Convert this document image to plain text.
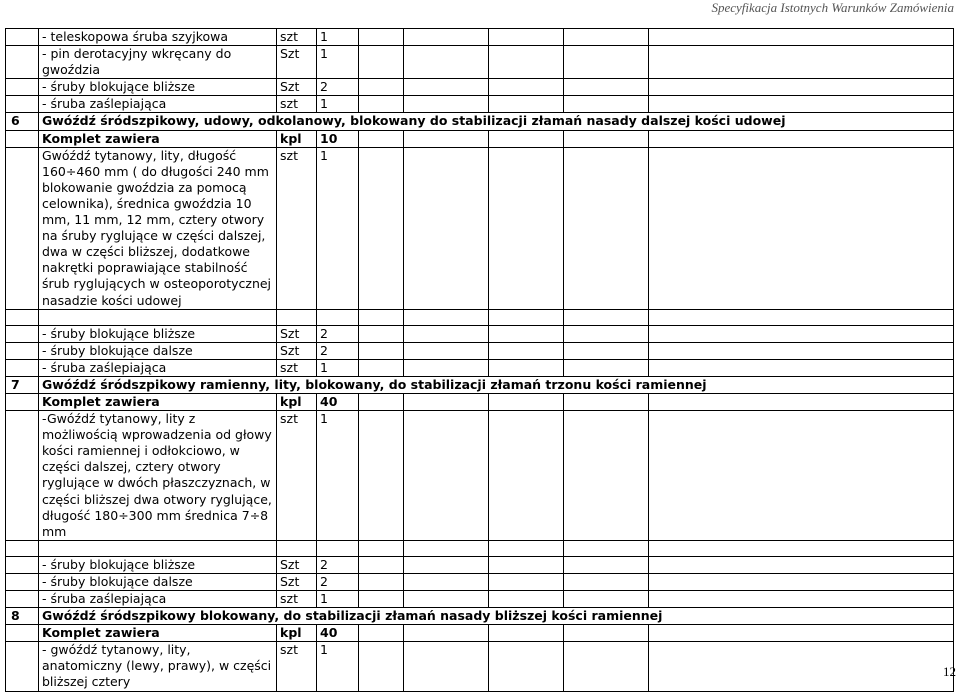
Specyfikacja Istotnych Warunków Zamówienia
	- teleskopowa śruba szyjkowa	szt	1					
	- pin derotacyjny wkręcany do gwoździa	Szt	1					
	- śruby blokujące bliższe	Szt	2					
	- śruba zaślepiająca	szt	1					
6	Gwóźdź śródszpikowy, udowy, odkolanowy, blokowany do stabilizacji złamań nasady dalszej kości udowej							
	Komplet zawiera	kpl	10					
	Gwóźdź tytanowy, lity, długość 160÷460 mm ( do długości 240 mm blokowanie gwoździa za pomocą celownika), średnica gwoździa 10 mm, 11 mm, 12 mm, cztery otwory na śruby ryglujące w części dalszej, dwa w części bliższej, dodatkowe nakrętki poprawiające stabilność śrub ryglujących w osteoporotycznej nasadzie kości udowej	szt	1					

	- śruby blokujące bliższe	Szt	2					
	- śruby blokujące dalsze	Szt	2					
	- śruba zaślepiająca	szt	1					
7	Gwóźdź śródszpikowy ramienny, lity, blokowany, do stabilizacji złamań trzonu kości ramiennej							
	Komplet zawiera	kpl	40					
	-Gwóźdź tytanowy, lity z możliwością wprowadzenia od głowy kości ramiennej i odłokciowo, w części dalszej, cztery otwory ryglujące w dwóch płaszczyznach, w części bliższej dwa otwory ryglujące, długość 180÷300 mm średnica 7÷8 mm	szt	1					

	- śruby blokujące bliższe	Szt	2					
	- śruby blokujące dalsze	Szt	2					
	- śruba zaślepiająca	szt	1					
8	Gwóźdź śródszpikowy blokowany, do stabilizacji złamań nasady bliższej kości ramiennej							
	Komplet zawiera	kpl	40					
	- gwóźdź tytanowy, lity, anatomiczny (lewy, prawy), w części bliższej cztery	szt	1					
12
